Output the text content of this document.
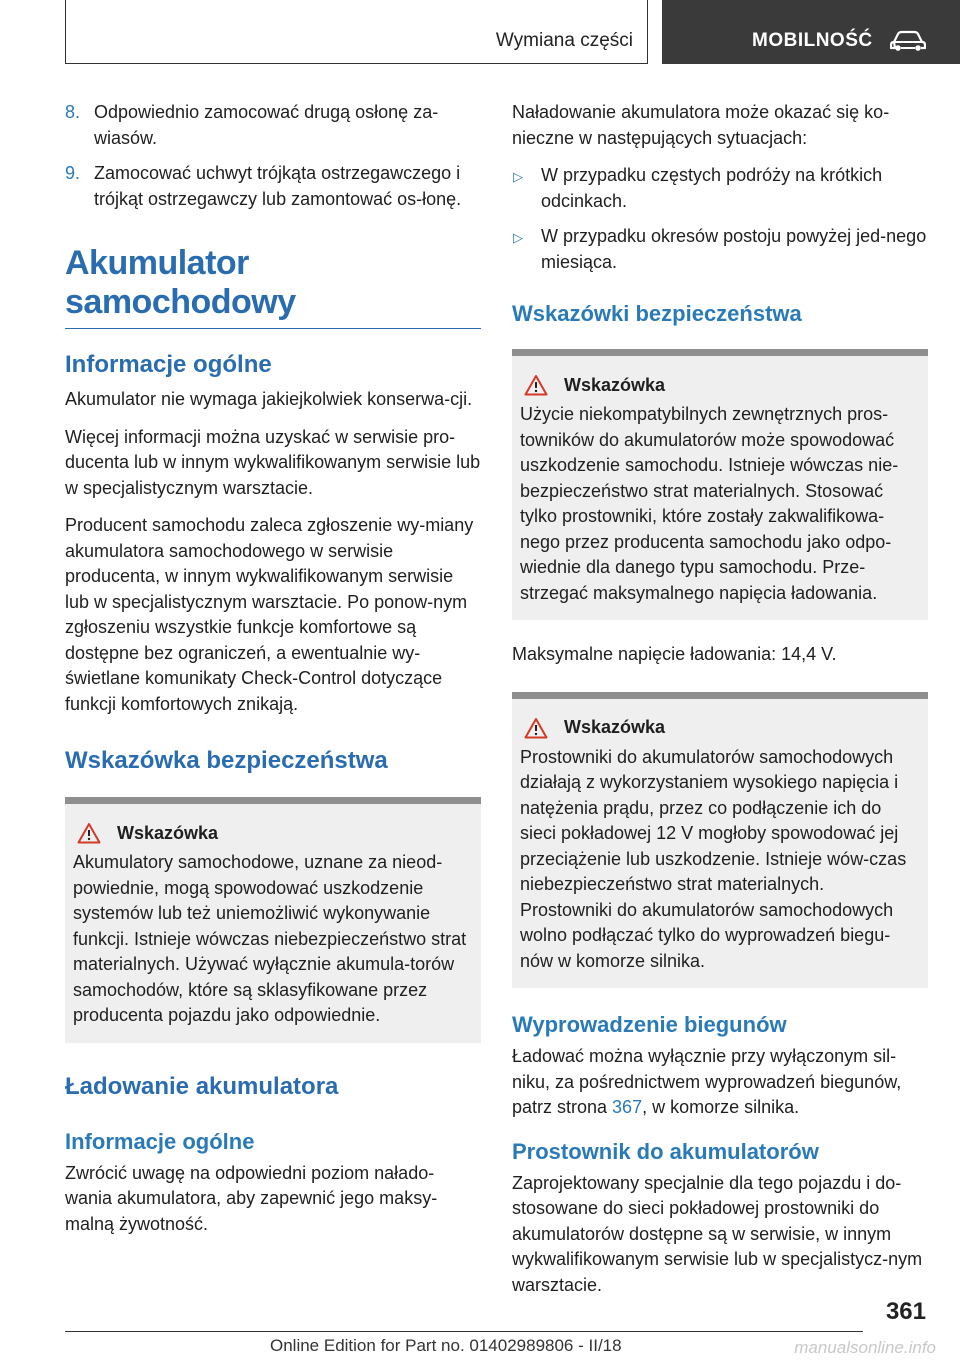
Wymiana części	MOBILNOŚĆ
8. Odpowiednio zamocować drugą osłonę za‐wiasów.
9. Zamocować uchwyt trójkąta ostrzegawczego i trójkąt ostrzegawczy lub zamontować os‐łonę.
Akumulator samochodowy
Informacje ogólne

Akumulator nie wymaga jakiejkolwiek konserwa‐cji.

Więcej informacji można uzyskać w serwisie pro‐ducenta lub w innym wykwalifikowanym serwisie lub w specjalistycznym warsztacie.

Producent samochodu zaleca zgłoszenie wy‐miany akumulatora samochodowego w serwisie producenta, w innym wykwalifikowanym serwisie lub w specjalistycznym warsztacie. Po ponow‐nym zgłoszeniu wszystkie funkcje komfortowe są dostępne bez ograniczeń, a ewentualnie wy‐świetlane komunikaty Check-Control dotyczące funkcji komfortowych znikają.

Wskazówka bezpieczeństwa
Wskazówka

Akumulatory samochodowe, uznane za nieod‐powiednie, mogą spowodować uszkodzenie systemów lub też uniemożliwić wykonywanie funkcji. Istnieje wówczas niebezpieczeństwo strat materialnych. Używać wyłącznie akumula‐torów samochodów, które są sklasyfikowane przez producenta pojazdu jako odpowiednie.

Ładowanie akumulatora
Informacje ogólne

Zwrócić uwagę na odpowiedni poziom nałado‐wania akumulatora, aby zapewnić jego maksy‐malną żywotność.

Naładowanie akumulatora może okazać się ko‐nieczne w następujących sytuacjach:

▷ W przypadku częstych podróży na krótkich odcinkach.
▷ W przypadku okresów postoju powyżej jed‐nego miesiąca.
Wskazówki bezpieczeństwa
Wskazówka

Użycie niekompatybilnych zewnętrznych pros‐towników do akumulatorów może spowodować uszkodzenie samochodu. Istnieje wówczas nie‐bezpieczeństwo strat materialnych. Stosować tylko prostowniki, które zostały zakwalifikowa‐nego przez producenta samochodu jako odpo‐wiednie dla danego typu samochodu. Prze‐strzegać maksymalnego napięcia ładowania.

Maksymalne napięcie ładowania: 14,4 V.

Wskazówka

Prostowniki do akumulatorów samochodowych działają z wykorzystaniem wysokiego napięcia i natężenia prądu, przez co podłączenie ich do sieci pokładowej 12 V mogłoby spowodować jej przeciążenie lub uszkodzenie. Istnieje wów‐czas niebezpieczeństwo strat materialnych. Prostowniki do akumulatorów samochodowych wolno podłączać tylko do wyprowadzeń biegu‐nów w komorze silnika.

Wyprowadzenie biegunów

Ładować można wyłącznie przy wyłączonym sil‐niku, za pośrednictwem wyprowadzeń biegunów, patrz strona 367, w komorze silnika.

Prostownik do akumulatorów

Zaprojektowany specjalnie dla tego pojazdu i do‐stosowane do sieci pokładowej prostowniki do akumulatorów dostępne są w serwisie, w innym wykwalifikowanym serwisie lub w specjalistycz‐nym warsztacie.

361
Online Edition for Part no. 01402989806 - II/18	manualsonline.info
